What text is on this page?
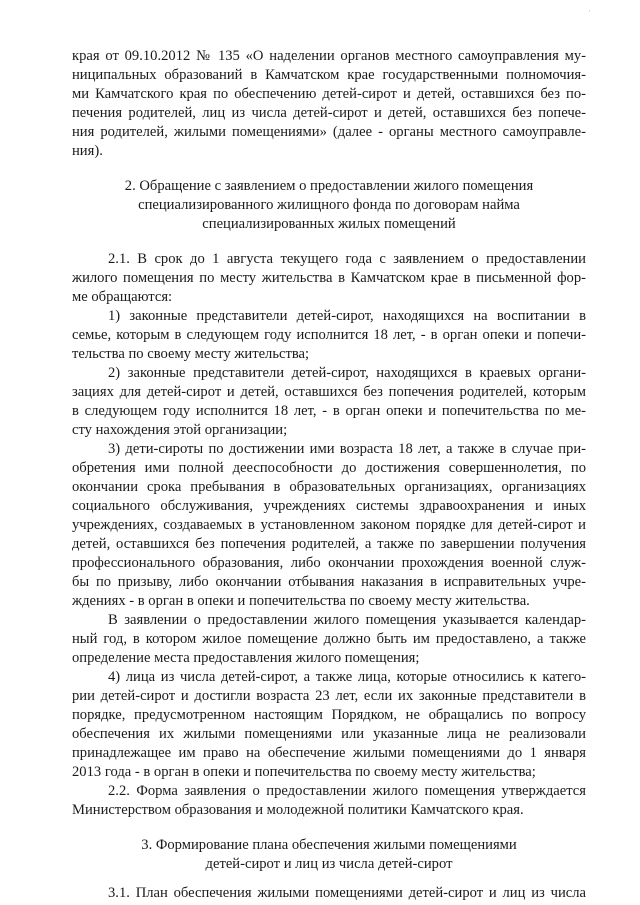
ˈ
края от 09.10.2012 № 135 «О наделении органов местного самоуправления му-
ниципальных образований в Камчатском крае государственными полномочия-
ми Камчатского края по обеспечению детей-сирот и детей, оставшихся без по-
печения родителей, лиц из числа детей-сирот и детей, оставшихся без попече-
ния родителей, жилыми помещениями» (далее - органы местного самоуправле-
ния).
2. Обращение с заявлением о предоставлении жилого помещения
специализированного жилищного фонда по договорам найма
специализированных жилых помещений
2.1. В срок до 1 августа текущего года с заявлением о предоставлении
жилого помещения по месту жительства в Камчатском крае в письменной фор-
ме обращаются:
1) законные представители детей-сирот, находящихся на воспитании в
семье, которым в следующем году исполнится 18 лет, - в орган опеки и попечи-
тельства по своему месту жительства;
2) законные представители детей-сирот, находящихся в краевых органи-
зациях для детей-сирот и детей, оставшихся без попечения родителей, которым
в следующем году исполнится 18 лет, - в орган опеки и попечительства по ме-
сту нахождения этой организации;
3) дети-сироты по достижении ими возраста 18 лет, а также в случае при-
обретения ими полной дееспособности до достижения совершеннолетия, по
окончании срока пребывания в образовательных организациях, организациях
социального обслуживания, учреждениях системы здравоохранения и иных
учреждениях, создаваемых в установленном законом порядке для детей-сирот и
детей, оставшихся без попечения родителей, а также по завершении получения
профессионального образования, либо окончании прохождения военной служ-
бы по призыву, либо окончании отбывания наказания в исправительных учре-
ждениях - в орган в опеки и попечительства по своему месту жительства.
В заявлении о предоставлении жилого помещения указывается календар-
ный год, в котором жилое помещение должно быть им предоставлено, а также
определение места предоставления жилого помещения;
4) лица из числа детей-сирот, а также лица, которые относились к катего-
рии детей-сирот и достигли возраста 23 лет, если их законные представители в
порядке, предусмотренном настоящим Порядком, не обращались по вопросу
обеспечения их жилыми помещениями или указанные лица не реализовали
принадлежащее им право на обеспечение жилыми помещениями до 1 января
2013 года - в орган в опеки и попечительства по своему месту жительства;
2.2. Форма заявления о предоставлении жилого помещения утверждается
Министерством образования и молодежной политики Камчатского края.
3. Формирование плана обеспечения жилыми помещениями
детей-сирот и лиц из числа детей-сирот
3.1. План обеспечения жилыми помещениями детей-сирот и лиц из числа
